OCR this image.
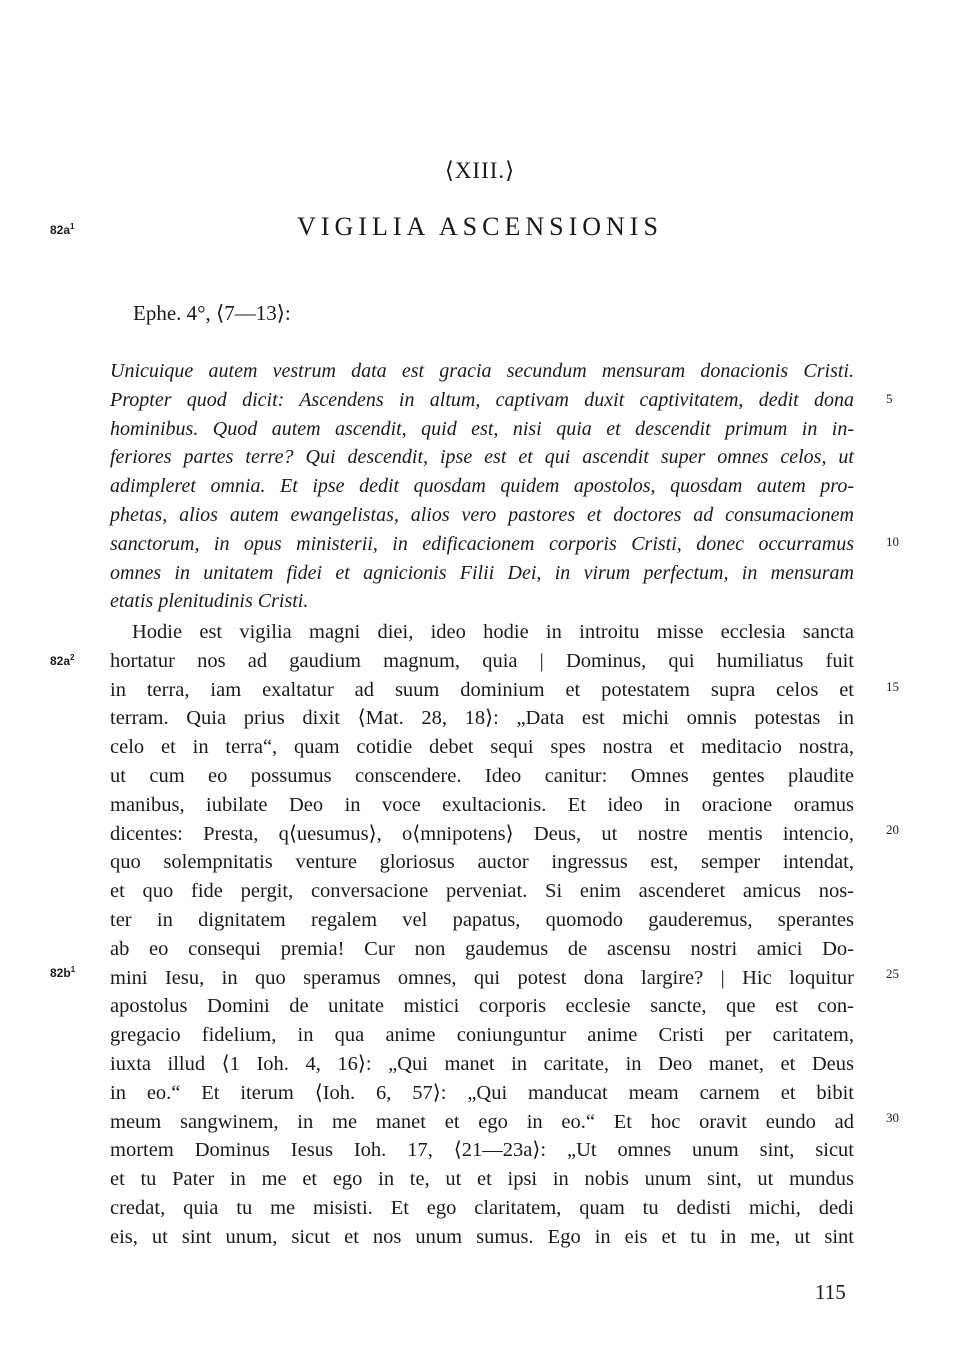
⟨XIII.⟩
VIGILIA ASCENSIONIS
$82a^1$
$82a^2$
$82b^1$
Ephe. 4°, ⟨7—13⟩:
Unicuique autem vestrum data est gracia secundum mensuram donacionis Cristi.
Propter quod dicit: Ascendens in altum, captivam duxit captivitatem, dedit dona
hominibus. Quod autem ascendit, quid est, nisi quia et descendit primum in in-
feriores partes terre? Qui descendit, ipse est et qui ascendit super omnes celos, ut
adimpleret omnia. Et ipse dedit quosdam quidem apostolos, quosdam autem pro-
phetas, alios autem ewangelistas, alios vero pastores et doctores ad consumacionem
sanctorum, in opus ministerii, in edificacionem corporis Cristi, donec occurramus
omnes in unitatem fidei et agnicionis Filii Dei, in virum perfectum, in mensuram
etatis plenitudinis Cristi.
Hodie est vigilia magni diei, ideo hodie in introitu misse ecclesia sancta
hortatur nos ad gaudium magnum, quia | Dominus, qui humiliatus fuit
in terra, iam exaltatur ad suum dominium et potestatem supra celos et
terram. Quia prius dixit ⟨Mat. 28, 18⟩: „Data est michi omnis potestas in
celo et in terra“, quam cotidie debet sequi spes nostra et meditacio nostra,
ut cum eo possumus conscendere. Ideo canitur: Omnes gentes plaudite
manibus, iubilate Deo in voce exultacionis. Et ideo in oracione oramus
dicentes: Presta, q⟨uesumus⟩, o⟨mnipotens⟩ Deus, ut nostre mentis intencio,
quo solempnitatis venture gloriosus auctor ingressus est, semper intendat,
et quo fide pergit, conversacione perveniat. Si enim ascenderet amicus nos-
ter in dignitatem regalem vel papatus, quomodo gauderemus, sperantes
ab eo consequi premia! Cur non gaudemus de ascensu nostri amici Do-
mini Iesu, in quo speramus omnes, qui potest dona largire? | Hic loquitur
apostolus Domini de unitate mistici corporis ecclesie sancte, que est con-
gregacio fidelium, in qua anime coniunguntur anime Cristi per caritatem,
iuxta illud ⟨1 Ioh. 4, 16⟩: „Qui manet in caritate, in Deo manet, et Deus
in eo.“ Et iterum ⟨Ioh. 6, 57⟩: „Qui manducat meam carnem et bibit
meum sangwinem, in me manet et ego in eo.“ Et hoc oravit eundo ad
mortem Dominus Iesus Ioh. 17, ⟨21—23a⟩: „Ut omnes unum sint, sicut
et tu Pater in me et ego in te, ut et ipsi in nobis unum sint, ut mundus
credat, quia tu me misisti. Et ego claritatem, quam tu dedisti michi, dedi
eis, ut sint unum, sicut et nos unum sumus. Ego in eis et tu in me, ut sint
5
10
15
20
25
30
115
